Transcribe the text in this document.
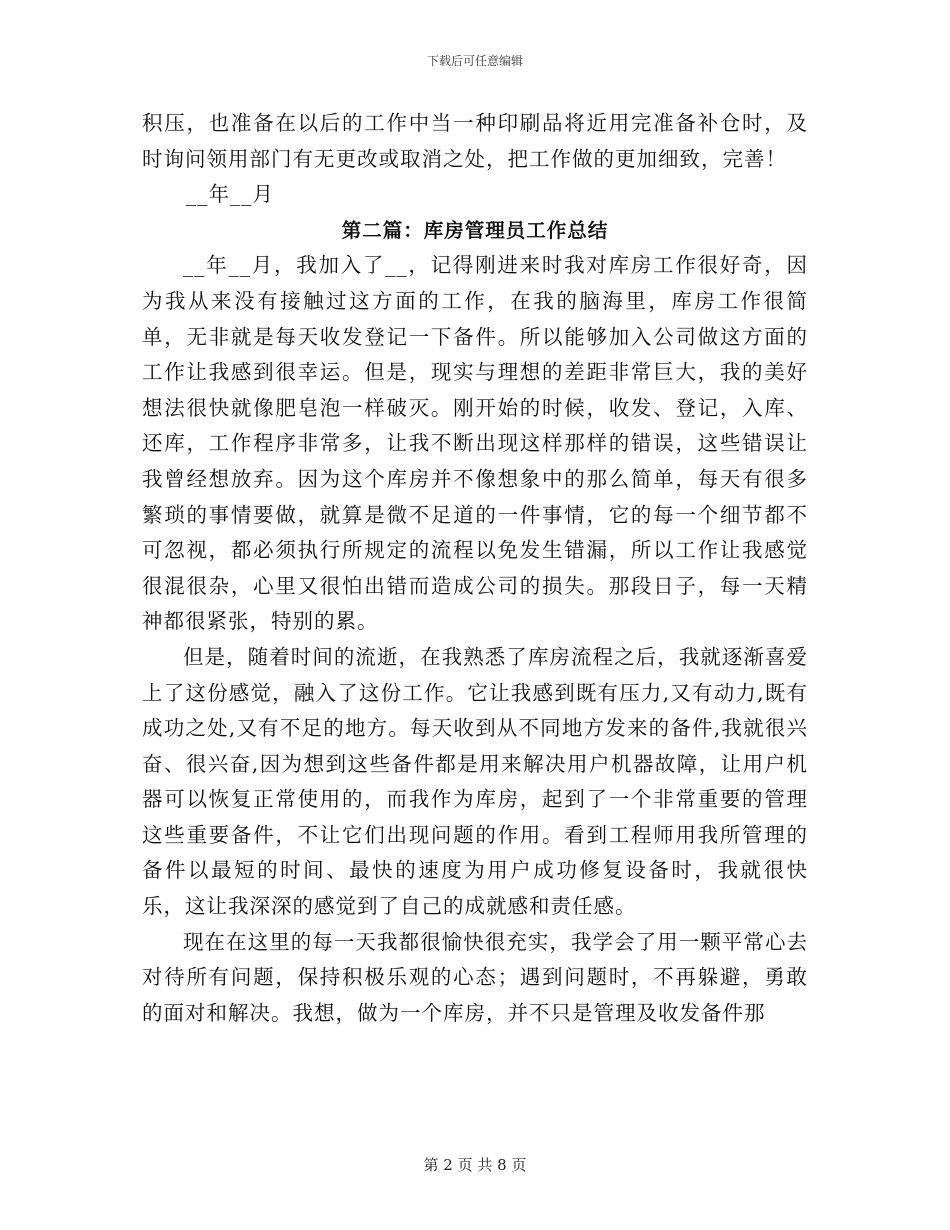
下载后可任意编辑

积压，也准备在以后的工作中当一种印刷品将近用完准备补仓时，及时询问领用部门有无更改或取消之处，把工作做的更加细致，完善！

__年__月

第二篇：库房管理员工作总结

__年__月，我加入了__，记得刚进来时我对库房工作很好奇，因为我从来没有接触过这方面的工作，在我的脑海里，库房工作很简单，无非就是每天收发登记一下备件。所以能够加入公司做这方面的工作让我感到很幸运。但是，现实与理想的差距非常巨大，我的美好想法很快就像肥皂泡一样破灭。刚开始的时候，收发、登记，入库、还库，工作程序非常多，让我不断出现这样那样的错误，这些错误让我曾经想放弃。因为这个库房并不像想象中的那么简单，每天有很多繁琐的事情要做，就算是微不足道的一件事情，它的每一个细节都不可忽视，都必须执行所规定的流程以免发生错漏，所以工作让我感觉很混很杂，心里又很怕出错而造成公司的损失。那段日子，每一天精神都很紧张，特别的累。

但是，随着时间的流逝，在我熟悉了库房流程之后，我就逐渐喜爱上了这份感觉，融入了这份工作。它让我感到既有压力,又有动力,既有成功之处,又有不足的地方。每天收到从不同地方发来的备件,我就很兴奋、很兴奋,因为想到这些备件都是用来解决用户机器故障，让用户机器可以恢复正常使用的，而我作为库房，起到了一个非常重要的管理这些重要备件，不让它们出现问题的作用。看到工程师用我所管理的备件以最短的时间、最快的速度为用户成功修复设备时，我就很快乐，这让我深深的感觉到了自己的成就感和责任感。

现在在这里的每一天我都很愉快很充实，我学会了用一颗平常心去对待所有问题，保持积极乐观的心态；遇到问题时，不再躲避，勇敢的面对和解决。我想，做为一个库房，并不只是管理及收发备件那

第 2 页 共 8 页
